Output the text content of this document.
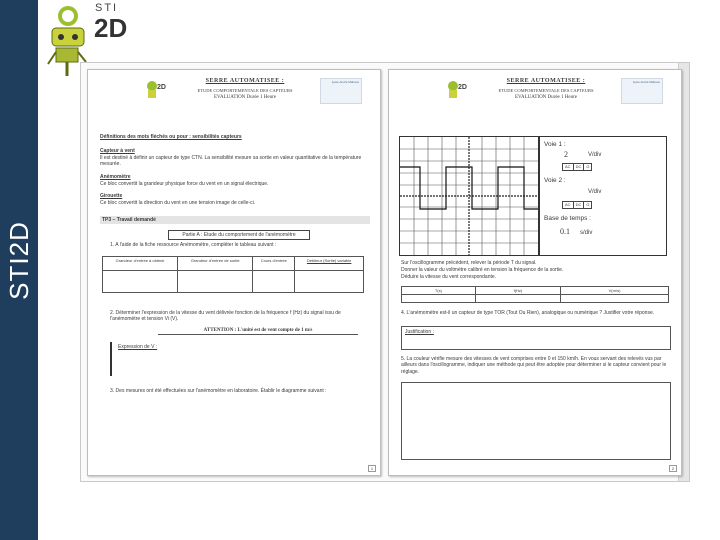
STI2D
STI
2D
2D
SERRE AUTOMATISEE :
ETUDE COMPORTEMENTALE DES CAPTEURS
EVALUATION Durée 1 Heure
lycée André Malraux
Définitions des mots fléchés ou pour : sensibilités capteurs
Capteur à vent
Il est destiné à définir un capteur de type CTN. La sensibilité mesure sa sortie en valeur quantitative de la température mesurée.
Anémomètre
Ce bloc convertit la grandeur physique force du vent en un signal électrique.
Girouette
Ce bloc convertit la direction du vent en une tension image de celle-ci.
TP3 – Travail demandé
Partie A : Etude du comportement de l'anémomètre
1. A l'aide de la fiche ressource Anémomètre, compléter le tableau suivant :
Grandeur d'entrée à obtenir	Grandeur d'entrée de sortie	Cours d'entrée	Débiteur (Sortie) variable

2. Déterminer l'expression de la vitesse du vent délivrée fonction de la fréquence f (Hz) du signal issu de l'anémomètre et tension Vi (V).
ATTENTION : L'unité est de vent compte de 1 m/s
Expression de V :
3. Des mesures ont été effectuées sur l'anémomètre en laboratoire. Établir le diagramme suivant :
1
2D
SERRE AUTOMATISEE :
ETUDE COMPORTEMENTALE DES CAPTEURS
EVALUATION Durée 1 Heure
lycée André Malraux
Voie 1 :
2	V/div
AC	DC	G
Voie 2 :
V/div
AC	DC	G
Base de temps :
0.1 s/div
Sur l'oscillogramme précédent, relever la période T du signal.
Donner la valeur du voltmètre calibré en tension la fréquence de la sortie.
Déduire la vitesse du vent correspondante.
T(s)	f(Hz)	V(m/s)

4. L'anémomètre est-il un capteur de type TOR (Tout Ou Rien), analogique ou numérique ? Justifier votre réponse.
Justification :
5. La couleur vérifie mesure des vitesses de vent comprises entre 0 et 150 km/h. En vous servant des relevés vus par ailleurs dans l'oscillogramme, indiquer une méthode qui peut être adoptée pour déterminer si le capteur convient pour le réglage.
2
